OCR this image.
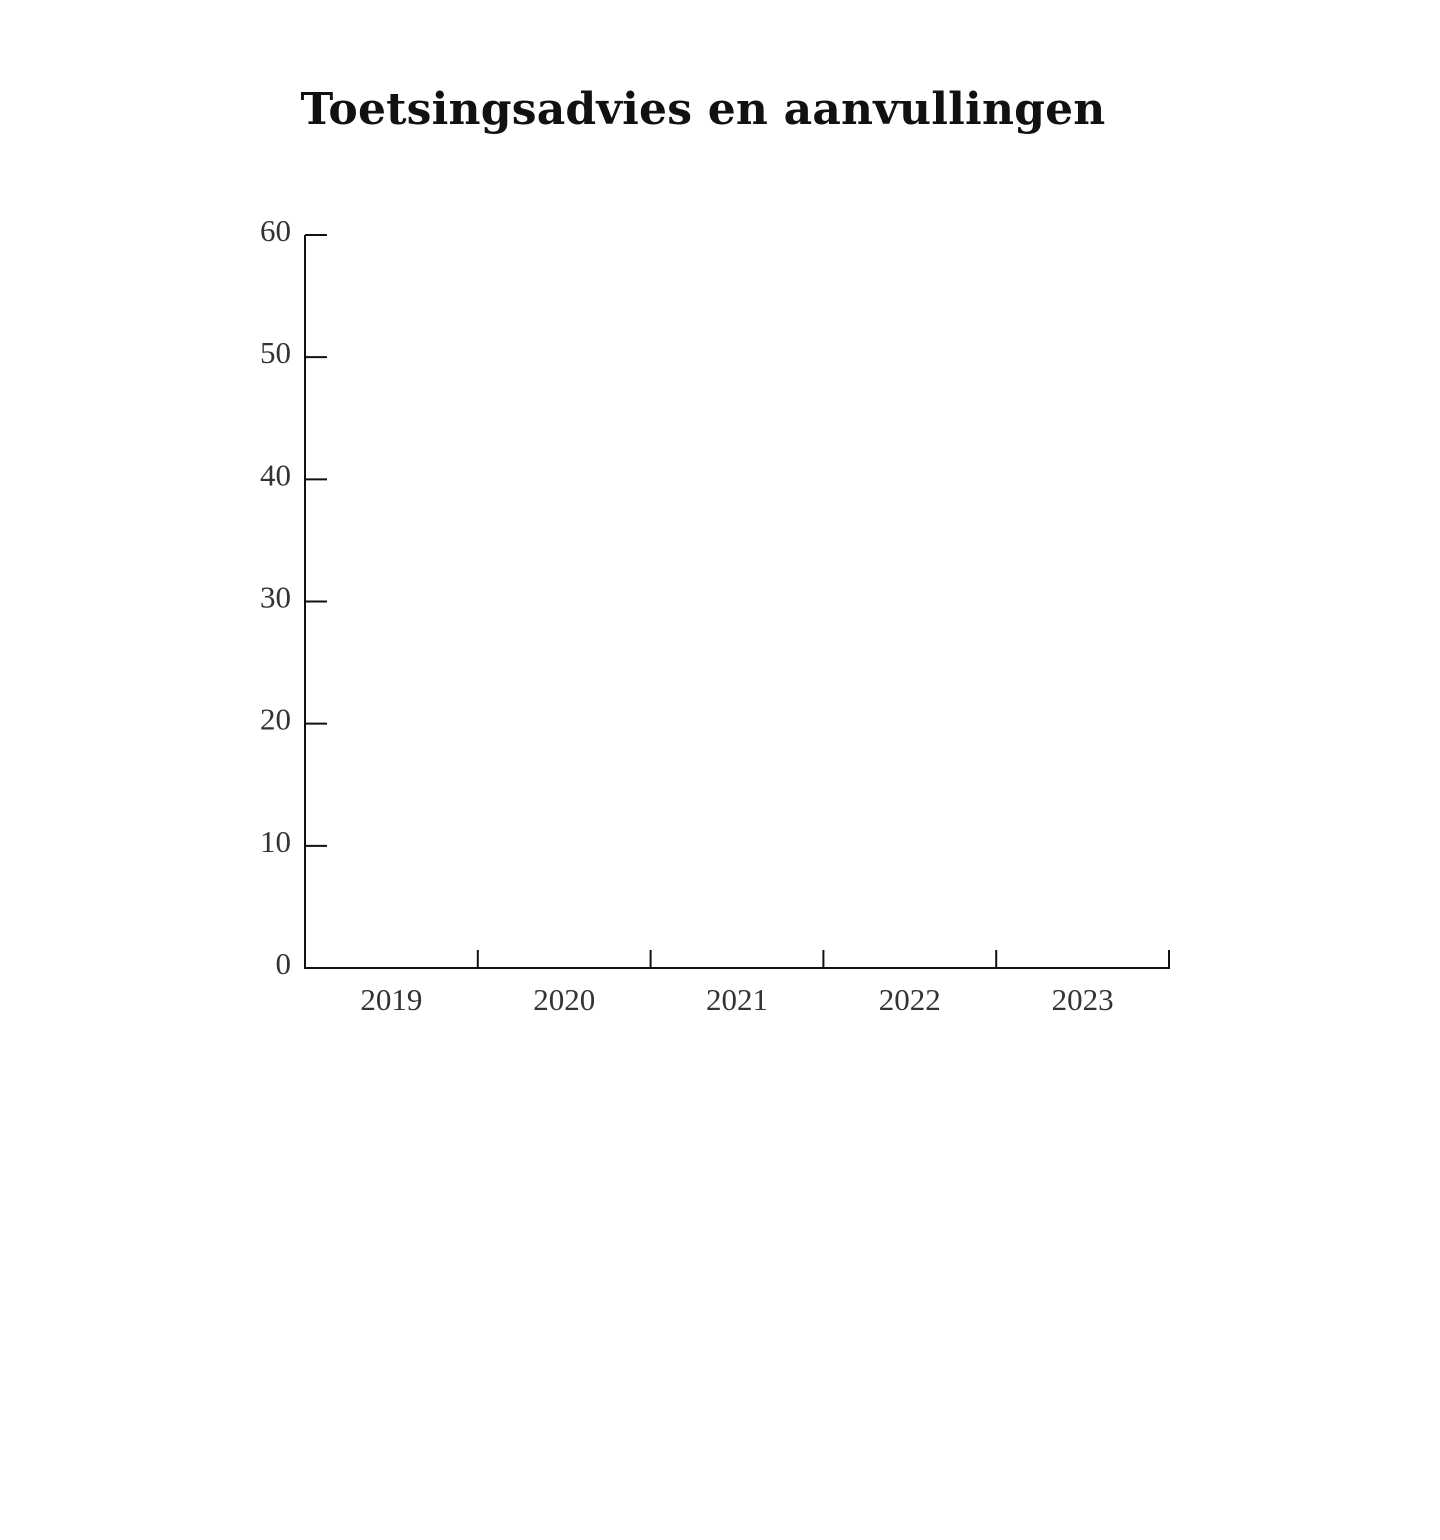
Toetsingsadvies en aanvullingen
0
10
20
30
40
50
60
2019	2020	2021	2022	2023
